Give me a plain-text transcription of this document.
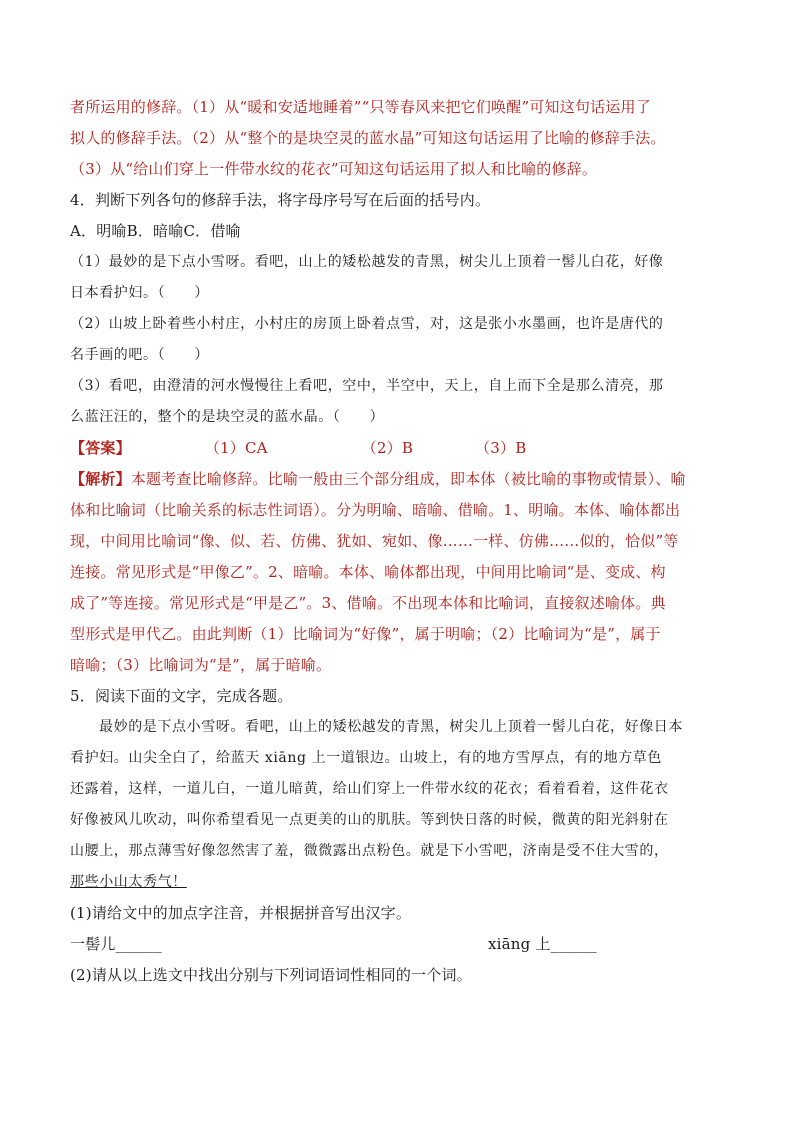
者所运用的修辞。（1）从“暖和安适地睡着”“只等春风来把它们唤醒”可知这句话运用了
拟人的修辞手法。（2）从“整个的是块空灵的蓝水晶”可知这句话运用了比喻的修辞手法。
（3）从“给山们穿上一件带水纹的花衣”可知这句话运用了拟人和比喻的修辞。
4．判断下列各句的修辞手法，将字母序号写在后面的括号内。
A．明喻B．暗喻C．借喻
（1）最妙的是下点小雪呀。看吧，山上的矮松越发的青黑，树尖儿上顶着一髻儿白花，好像
日本看护妇。（　　）
（2）山坡上卧着些小村庄，小村庄的房顶上卧着点雪，对，这是张小水墨画，也许是唐代的
名手画的吧。（　　）
（3）看吧，由澄清的河水慢慢往上看吧，空中，半空中，天上，自上而下全是那么清亮，那
么蓝汪汪的，整个的是块空灵的蓝水晶。（　　）
【答案】	（1）CA	（2）B	（3）B
【解析】本题考查比喻修辞。比喻一般由三个部分组成，即本体（被比喻的事物或情景）、喻
体和比喻词（比喻关系的标志性词语）。分为明喻、暗喻、借喻。1、明喻。本体、喻体都出
现，中间用比喻词“像、似、若、仿佛、犹如、宛如、像……一样、仿佛……似的，恰似”等
连接。常见形式是“甲像乙”。2、暗喻。本体、喻体都出现，中间用比喻词“是、变成、构
成了”等连接。常见形式是“甲是乙”。3、借喻。不出现本体和比喻词，直接叙述喻体。典
型形式是甲代乙。由此判断（1）比喻词为“好像”，属于明喻；（2）比喻词为“是”，属于
暗喻；（3）比喻词为“是”，属于暗喻。
5．阅读下面的文字，完成各题。
最妙的是下点小雪呀。看吧，山上的矮松越发的青黑，树尖儿上顶着一髻儿白花，好像日本
看护妇。山尖全白了，给蓝天 xiāng 上一道银边。山坡上，有的地方雪厚点，有的地方草色
还露着，这样，一道儿白，一道儿暗黄，给山们穿上一件带水纹的花衣；看着看着，这件花衣
好像被风儿吹动，叫你希望看见一点更美的山的肌肤。等到快日落的时候，微黄的阳光斜射在
山腰上，那点薄雪好像忽然害了羞，微微露出点粉色。就是下小雪吧，济南是受不住大雪的，
那些小山太秀气！
(1)请给文中的加点字注音，并根据拼音写出汉字。
一髻儿______	xiāng 上______
(2)请从以上选文中找出分别与下列词语词性相同的一个词。
